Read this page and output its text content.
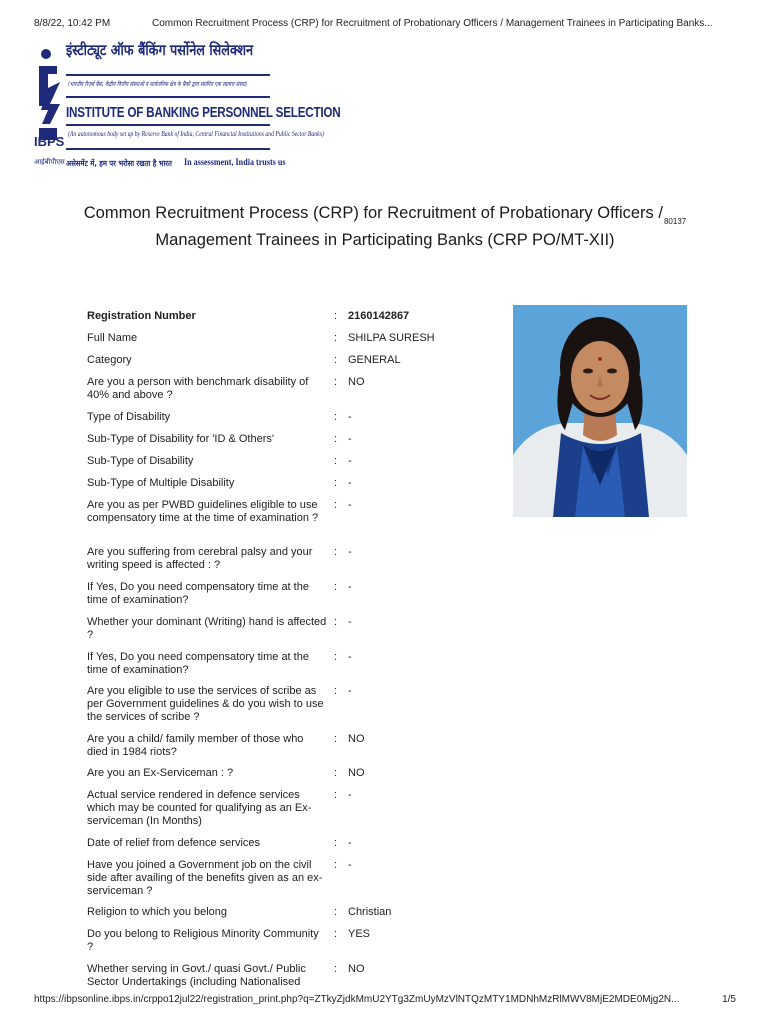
8/8/22, 10:42 PM	Common Recruitment Process (CRP) for Recruitment of Probationary Officers / Management Trainees in Participating Banks...
इंस्टीट्यूट ऑफ बैंकिंग पर्सोनेल सिलेक्शन
(भारतीय रिज़र्व बैंक, केंद्रीय वित्तीय संस्थाओं व सार्वजनिक क्षेत्र के बैंकों द्वारा स्थापित एक स्वायत्त संस्था)
INSTITUTE OF BANKING PERSONNEL SELECTION
(An autonomous body set up by Reserve Bank of India, Central Financial Institutions and Public Sector Banks)
IBPS
आईबीपीएस असेसमेंट में, हम पर भरोसा रखता है भारत In assessment, India trusts us
Common Recruitment Process (CRP) for Recruitment of Probationary Officers $/_{80137}$
Management Trainees in Participating Banks (CRP PO/MT-XII)
Registration Number	: 2160142867
Full Name	: SHILPA SURESH
Category	: GENERAL
Are you a person with benchmark disability of 40% and above ?
: NO
Type of Disability	: -
Sub-Type of Disability for 'ID & Others'	: -
Sub-Type of Disability	: -
Sub-Type of Multiple Disability	: -
Are you as per PWBD guidelines eligible to use compensatory time at the time of examination ?
: -
Are you suffering from cerebral palsy and your writing speed is affected : ?
: -
If Yes, Do you need compensatory time at the time of examination?
: -
Whether your dominant (Writing) hand is affected ?
: -
If Yes, Do you need compensatory time at the time of examination?
: -
Are you eligible to use the services of scribe as per Government guidelines & do you wish to use the services of scribe ?
: -
Are you a child/ family member of those who died in 1984 riots?
: NO
Are you an Ex-Serviceman : ?	: NO
Actual service rendered in defence services which may be counted for qualifying as an Ex-serviceman (In Months)
: -
Date of relief from defence services	: -
Have you joined a Government job on the civil side after availing of the benefits given as an ex-serviceman ?
: -
Religion to which you belong	: Christian
Do you belong to Religious Minority Community ?
: YES
Whether serving in Govt./ quasi Govt./ Public Sector Undertakings (including Nationalised
: NO
https://ibpsonline.ibps.in/crppo12jul22/registration_print.php?q=ZTkyZjdkMmU2YTg3ZmUyMzVlNTQzMTY1MDNhMzRlMWV8MjE2MDE0Mjg2N...	1/5
